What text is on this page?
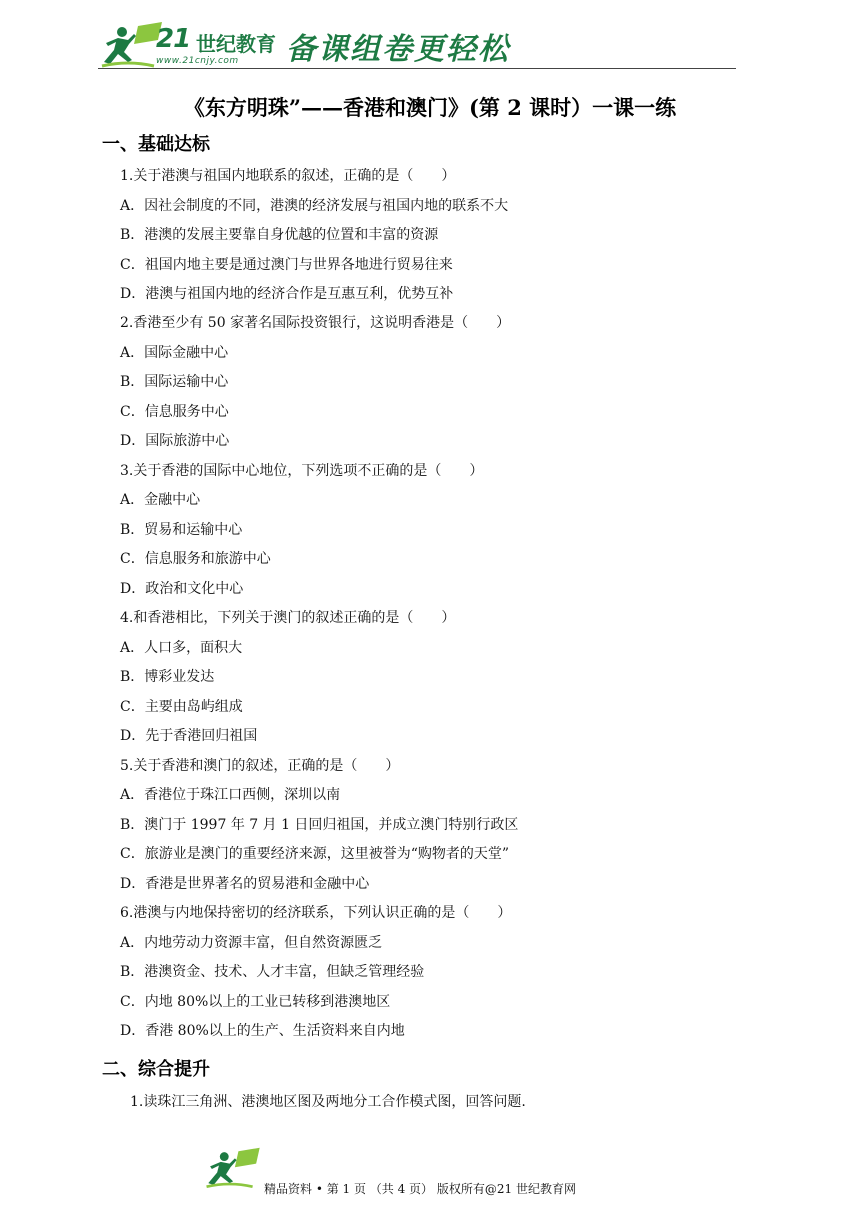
21 世纪教育
www.21cnjy.com 备课组卷更轻松
《东方明珠”——香港和澳门》(第 2 课时）一课一练
一、基础达标
1.关于港澳与祖国内地联系的叙述，正确的是（　　）
A．因社会制度的不同，港澳的经济发展与祖国内地的联系不大
B．港澳的发展主要靠自身优越的位置和丰富的资源
C．祖国内地主要是通过澳门与世界各地进行贸易往来
D．港澳与祖国内地的经济合作是互惠互利，优势互补
2.香港至少有 50 家著名国际投资银行，这说明香港是（　　）
A．国际金融中心
B．国际运输中心
C．信息服务中心
D．国际旅游中心
3.关于香港的国际中心地位，下列选项不正确的是（　　）
A．金融中心
B．贸易和运输中心
C．信息服务和旅游中心
D．政治和文化中心
4.和香港相比，下列关于澳门的叙述正确的是（　　）
A．人口多，面积大
B．博彩业发达
C．主要由岛屿组成
D．先于香港回归祖国
5.关于香港和澳门的叙述，正确的是（　　）
A．香港位于珠江口西侧，深圳以南
B．澳门于 1997 年 7 月 1 日回归祖国，并成立澳门特别行政区
C．旅游业是澳门的重要经济来源，这里被誉为“购物者的天堂”
D．香港是世界著名的贸易港和金融中心
6.港澳与内地保持密切的经济联系，下列认识正确的是（　　）
A．内地劳动力资源丰富，但自然资源匮乏
B．港澳资金、技术、人才丰富，但缺乏管理经验
C．内地 80%以上的工业已转移到港澳地区
D．香港 80%以上的生产、生活资料来自内地
二、综合提升
1.读珠江三角洲、港澳地区图及两地分工合作模式图，回答问题.
精品资料 • 第 1 页 （共 4 页） 版权所有@21 世纪教育网
